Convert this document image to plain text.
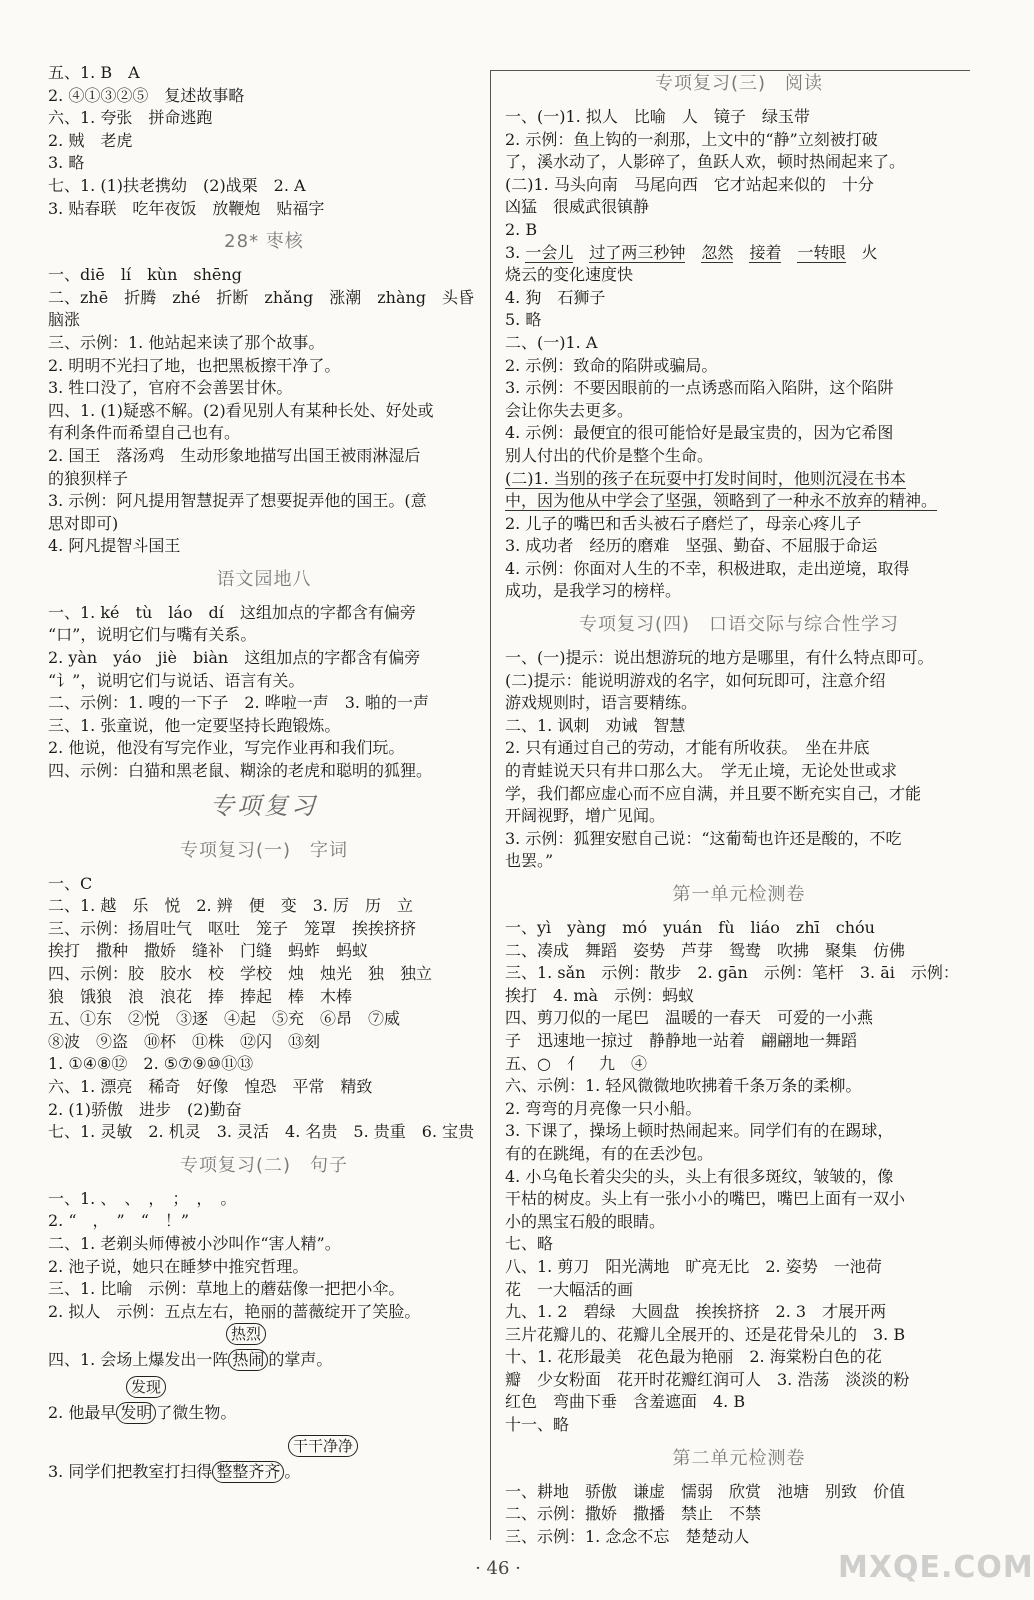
五、1. B　A
2. ④①③②⑤　复述故事略
六、1. 夸张　拼命逃跑
2. 贼　老虎
3. 略
七、1. (1)扶老携幼　(2)战栗　2. A
3. 贴春联　吃年夜饭　放鞭炮　贴福字
28* 枣核
一、diē　lí　kùn　shēng
二、zhē　折腾　zhé　折断　zhǎng　涨潮　zhàng　头昏
脑涨
三、示例：1. 他站起来读了那个故事。
2. 明明不光扫了地，也把黑板擦干净了。
3. 牲口没了，官府不会善罢甘休。
四、1. (1)疑惑不解。(2)看见别人有某种长处、好处或
有利条件而希望自己也有。
2. 国王　落汤鸡　生动形象地描写出国王被雨淋湿后
的狼狈样子
3. 示例：阿凡提用智慧捉弄了想要捉弄他的国王。(意
思对即可)
4. 阿凡提智斗国王
语文园地八
一、1. ké　tù　láo　dí　这组加点的字都含有偏旁
“口”，说明它们与嘴有关系。
2. yàn　yáo　jiè　biàn　这组加点的字都含有偏旁
“讠”，说明它们与说话、语言有关。
二、示例：1. 嗖的一下子　2. 哗啦一声　3. 啪的一声
三、1. 张童说，他一定要坚持长跑锻炼。
2. 他说，他没有写完作业，写完作业再和我们玩。
四、示例：白猫和黑老鼠、糊涂的老虎和聪明的狐狸。
专项复习
专项复习(一)　字词
一、C
二、1. 越　乐　悦　2. 辨　便　变　3. 厉　历　立
三、示例：扬眉吐气　呕吐　笼子　笼罩　挨挨挤挤
挨打　撒种　撒娇　缝补　门缝　蚂蚱　蚂蚁
四、示例：胶　胶水　校　学校　烛　烛光　独　独立
狼　饿狼　浪　浪花　捧　捧起　棒　木棒
五、①东　②悦　③逐　④起　⑤充　⑥昂　⑦威
⑧波　⑨盗　⑩杯　⑪株　⑫闪　⑬刻
1. ①④⑧⑫　2. ⑤⑦⑨⑩⑪⑬
六、1. 漂亮　稀奇　好像　惶恐　平常　精致
2. (1)骄傲　进步　(2)勤奋
七、1. 灵敏　2. 机灵　3. 灵活　4. 名贵　5. 贵重　6. 宝贵
专项复习(二)　句子
一、1. 、　、　，　；　，　。
2. “　，　”　“　！”
二、1. 老剃头师傅被小沙叫作“害人精”。
2. 池子说，她只在睡梦中推究哲理。
三、1. 比喻　示例：草地上的蘑菇像一把把小伞。
2. 拟人　示例：五点左右，艳丽的蔷薇绽开了笑脸。
四、1. 会场上爆发出一阵 热闹 的掌声。
热烈
2. 他最早 发明 了微生物。
发现
3. 同学们把教室打扫得 整整齐齐 。
干干净净
专项复习(三)　阅读
一、(一)1. 拟人　比喻　人　镜子　绿玉带
2. 示例：鱼上钩的一刹那，上文中的“静”立刻被打破
了，溪水动了，人影碎了，鱼跃人欢，顿时热闹起来了。
(二)1. 马头向南　马尾向西　它才站起来似的　十分
凶猛　很威武很镇静
2. B
3. 一会儿　 过了两三秒钟　 忽然　 接着　 一转眼　火
烧云的变化速度快
4. 狗　石狮子
5. 略
二、(一)1. A
2. 示例：致命的陷阱或骗局。
3. 示例：不要因眼前的一点诱惑而陷入陷阱，这个陷阱
会让你失去更多。
4. 示例：最便宜的很可能恰好是最宝贵的，因为它希图
别人付出的代价是整个生命。
(二)1. 当别的孩子在玩耍中打发时间时，他则沉浸在书本
中，因为他从中学会了坚强，领略到了一种永不放弃的精神。
2. 儿子的嘴巴和舌头被石子磨烂了，母亲心疼儿子
3. 成功者　经历的磨难　坚强、勤奋、不屈服于命运
4. 示例：你面对人生的不幸，积极进取，走出逆境，取得
成功，是我学习的榜样。
专项复习(四)　口语交际与综合性学习
一、(一)提示：说出想游玩的地方是哪里，有什么特点即可。
(二)提示：能说明游戏的名字，如何玩即可，注意介绍
游戏规则时，语言要精练。
二、1. 讽刺　劝诫　智慧
2. 只有通过自己的劳动，才能有所收获。　坐在井底
的青蛙说天只有井口那么大。　学无止境，无论处世或求
学，我们都应虚心而不应自满，并且要不断充实自己，才能
开阔视野，增广见闻。
3. 示例：狐狸安慰自己说：“这葡萄也许还是酸的，不吃
也罢。”
第一单元检测卷
一、yì　yàng　mó　yuán　fù　liáo　zhī　chóu
二、凑成　舞蹈　姿势　芦芽　鸳鸯　吹拂　聚集　仿佛
三、1. sǎn　示例：散步　2. gān　示例：笔杆　3. āi　示例：
挨打　4. mà　示例：蚂蚁
四、剪刀似的一尾巴　温暖的一春天　可爱的一小燕
子　迅速地一掠过　静静地一站着　翩翩地一舞蹈
五、○　亻　九　④
六、示例：1. 轻风微微地吹拂着千条万条的柔柳。
2. 弯弯的月亮像一只小船。
3. 下课了，操场上顿时热闹起来。同学们有的在踢球，
有的在跳绳，有的在丢沙包。
4. 小乌龟长着尖尖的头，头上有很多斑纹，皱皱的，像
干枯的树皮。头上有一张小小的嘴巴，嘴巴上面有一双小
小的黑宝石般的眼睛。
七、略
八、1. 剪刀　阳光满地　旷亮无比　2. 姿势　一池荷
花　一大幅活的画
九、1. 2　碧绿　大圆盘　挨挨挤挤　2. 3　才展开两
三片花瓣儿的、花瓣儿全展开的、还是花骨朵儿的　3. B
十、1. 花形最美　花色最为艳丽　2. 海棠粉白色的花
瓣　少女粉面　花开时花瓣红润可人　3. 浩荡　淡淡的粉
红色　弯曲下垂　含羞遮面　4. B
十一、略
第二单元检测卷
一、耕地　骄傲　谦虚　懦弱　欣赏　池塘　别致　价值
二、示例：撒娇　撒播　禁止　不禁
三、示例：1. 念念不忘　楚楚动人
· 46 ·	MXQE.COM
